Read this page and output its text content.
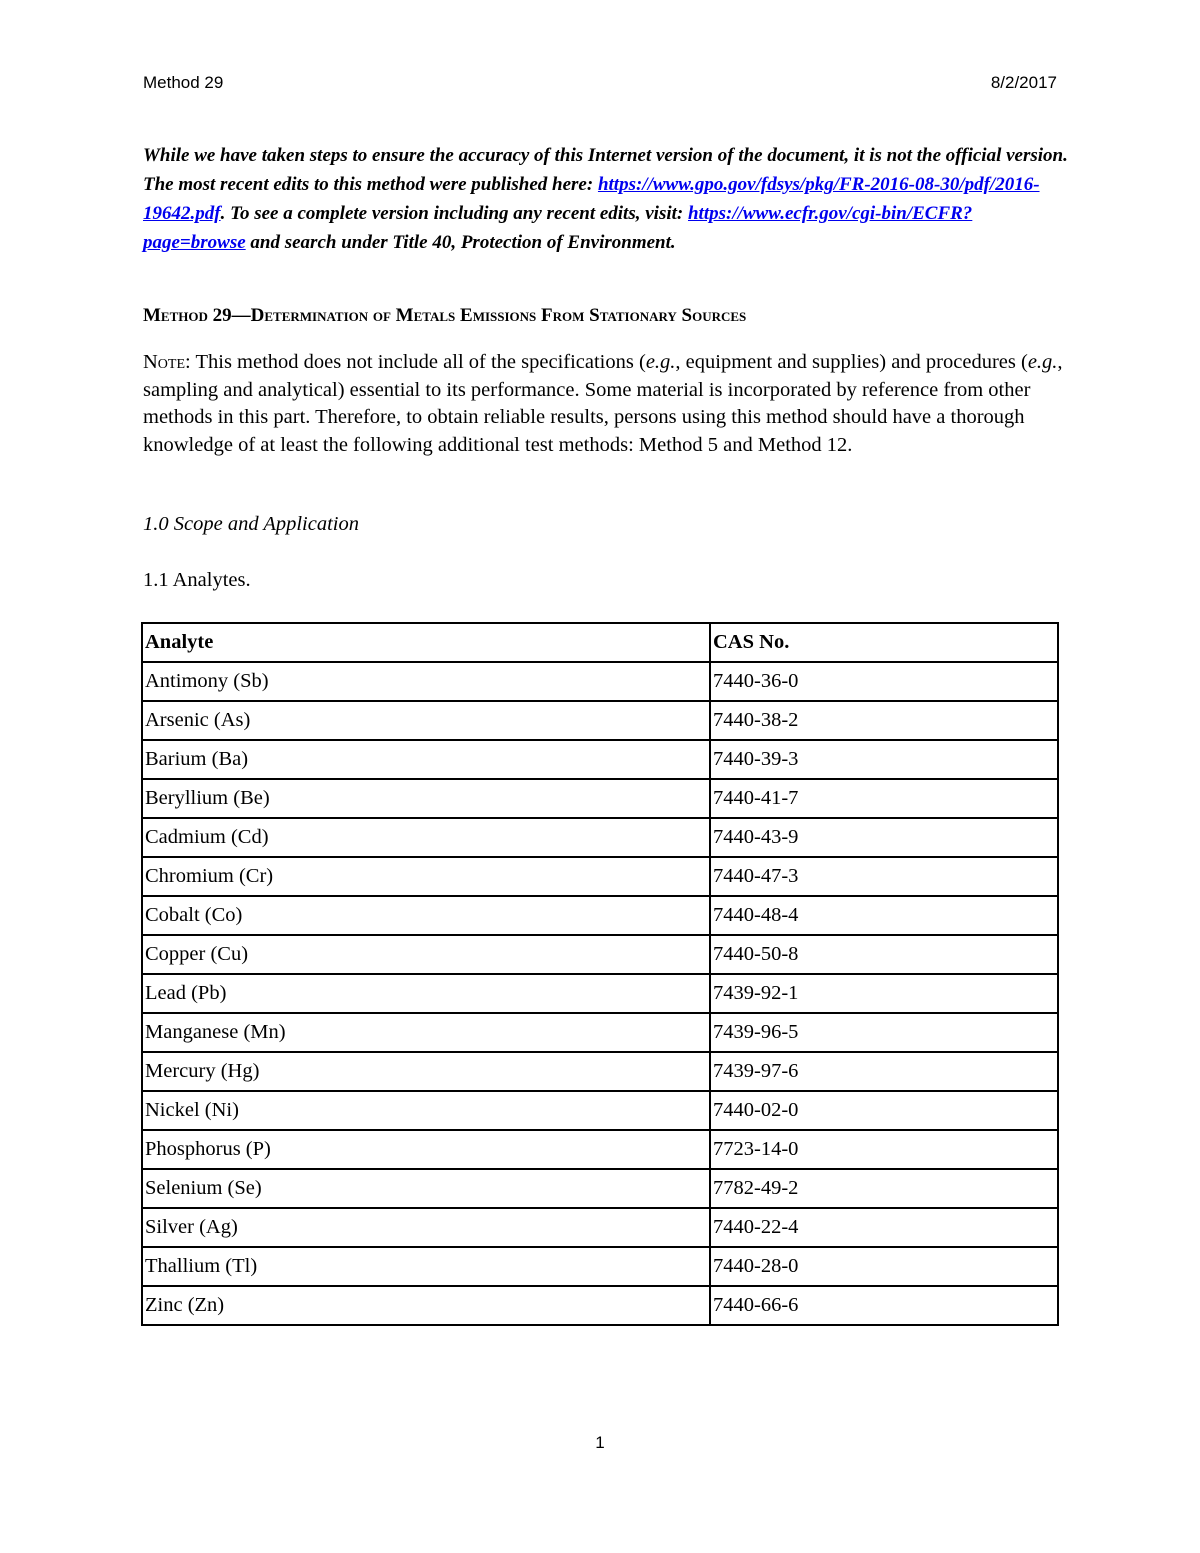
Method 29	8/2/2017
While we have taken steps to ensure the accuracy of this Internet version of the document, it is not the official version. The most recent edits to this method were published here: https://www.gpo.gov/fdsys/pkg/FR-2016-08-30/pdf/2016-19642.pdf. To see a complete version including any recent edits, visit: https://www.ecfr.gov/cgi-bin/ECFR?page=browse and search under Title 40, Protection of Environment.
Method 29—Determination of Metals Emissions From Stationary Sources
Note: This method does not include all of the specifications (e.g., equipment and supplies) and procedures (e.g., sampling and analytical) essential to its performance. Some material is incorporated by reference from other methods in this part. Therefore, to obtain reliable results, persons using this method should have a thorough knowledge of at least the following additional test methods: Method 5 and Method 12.
1.0 Scope and Application
1.1 Analytes.
Analyte	CAS No.
Antimony (Sb)	7440-36-0
Arsenic (As)	7440-38-2
Barium (Ba)	7440-39-3
Beryllium (Be)	7440-41-7
Cadmium (Cd)	7440-43-9
Chromium (Cr)	7440-47-3
Cobalt (Co)	7440-48-4
Copper (Cu)	7440-50-8
Lead (Pb)	7439-92-1
Manganese (Mn)	7439-96-5
Mercury (Hg)	7439-97-6
Nickel (Ni)	7440-02-0
Phosphorus (P)	7723-14-0
Selenium (Se)	7782-49-2
Silver (Ag)	7440-22-4
Thallium (Tl)	7440-28-0
Zinc (Zn)	7440-66-6
1
